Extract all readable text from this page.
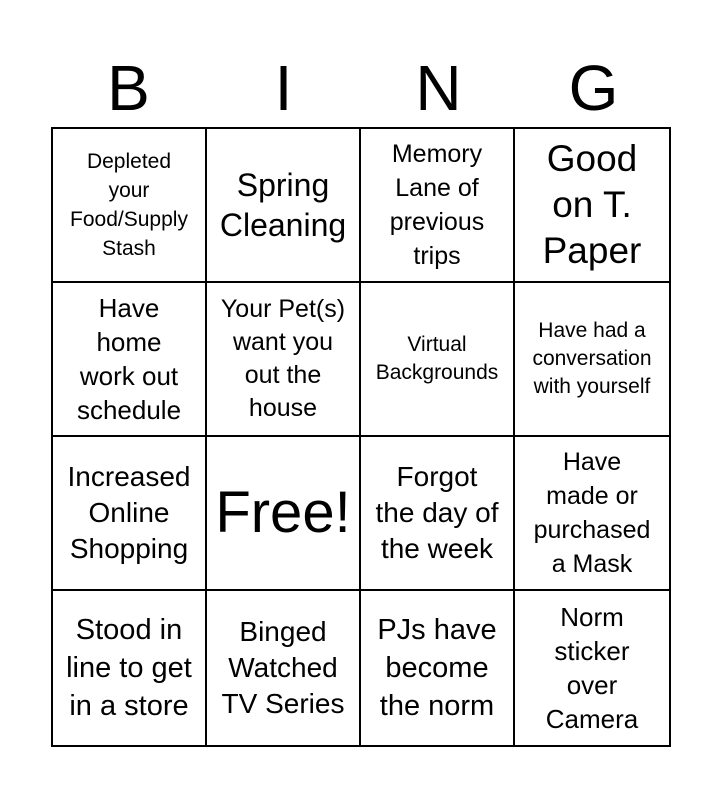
B	I	N	G
Depleted
your
Food/Supply
Stash
Spring
Cleaning
Memory
Lane of
previous
trips
Good
on T.
Paper
Have
home
work out
schedule
Your Pet(s)
want you
out the
house
Virtual
Backgrounds
Have had a
conversation
with yourself
Increased
Online
Shopping
Free!
Forgot
the day of
the week
Have
made or
purchased
a Mask
Stood in
line to get
in a store
Binged
Watched
TV Series
PJs have
become
the norm
Norm
sticker
over
Camera
